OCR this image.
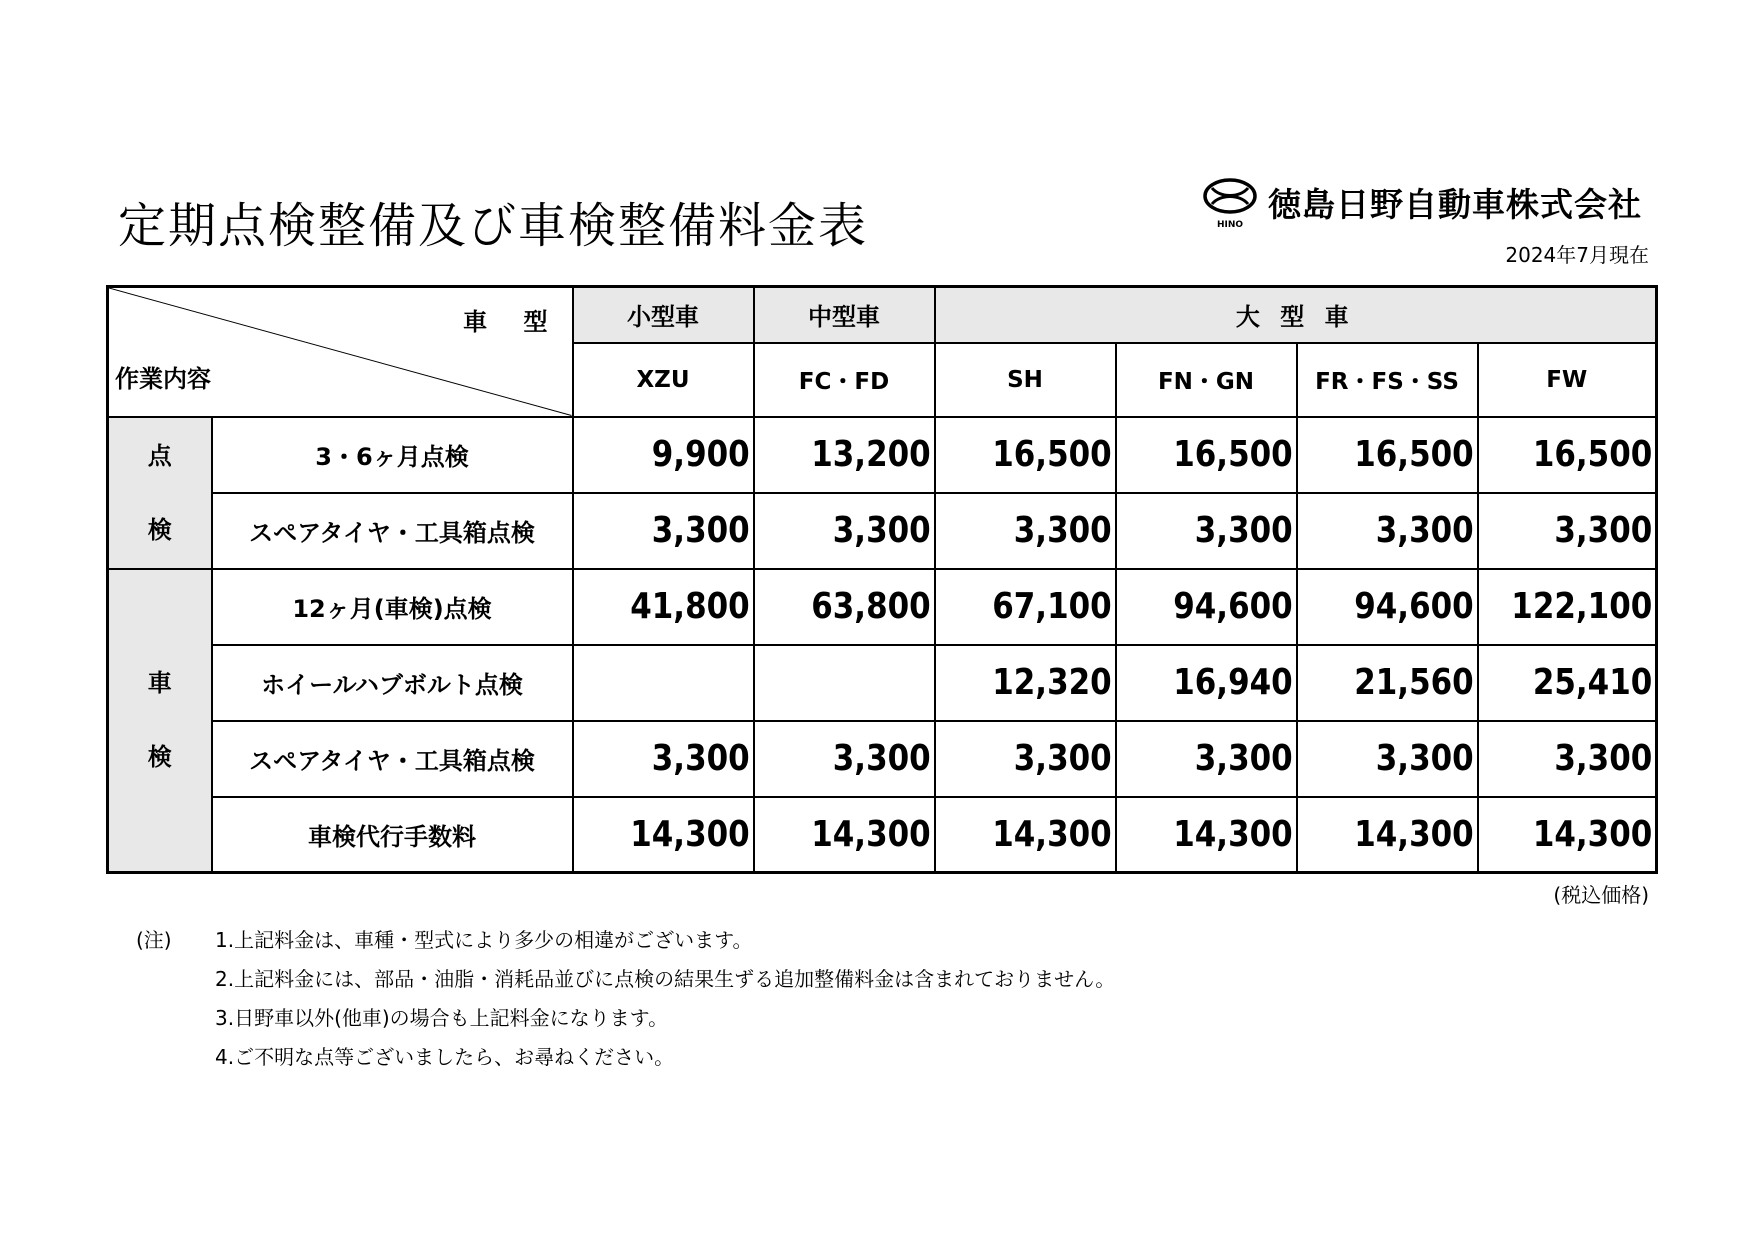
定期点検整備及び車検整備料金表	HINO
徳島日野自動車株式会社
2024年7月現在
車 型
作業内容		小型車	中型車	大 型 車			
		XZU	FC・FD	SH	FN・GN	FR・FS・SS	FW

点
検	3・6ヶ月点検	9,900	13,200	16,500	16,500	16,500	16,500
	スペアタイヤ・工具箱点検	3,300	3,300	3,300	3,300	3,300	3,300

車
検	12ヶ月(車検)点検	41,800	63,800	67,100	94,600	94,600	122,100
	ホイールハブボルト点検			12,320	16,940	21,560	25,410
	スペアタイヤ・工具箱点検	3,300	3,300	3,300	3,300	3,300	3,300
	車検代行手数料	14,300	14,300	14,300	14,300	14,300	14,300
(税込価格)
(注)	1.上記料金は、車種・型式により多少の相違がございます。
2.上記料金には、部品・油脂・消耗品並びに点検の結果生ずる追加整備料金は含まれておりません。
3.日野車以外(他車)の場合も上記料金になります。
4.ご不明な点等ございましたら、お尋ねください。
